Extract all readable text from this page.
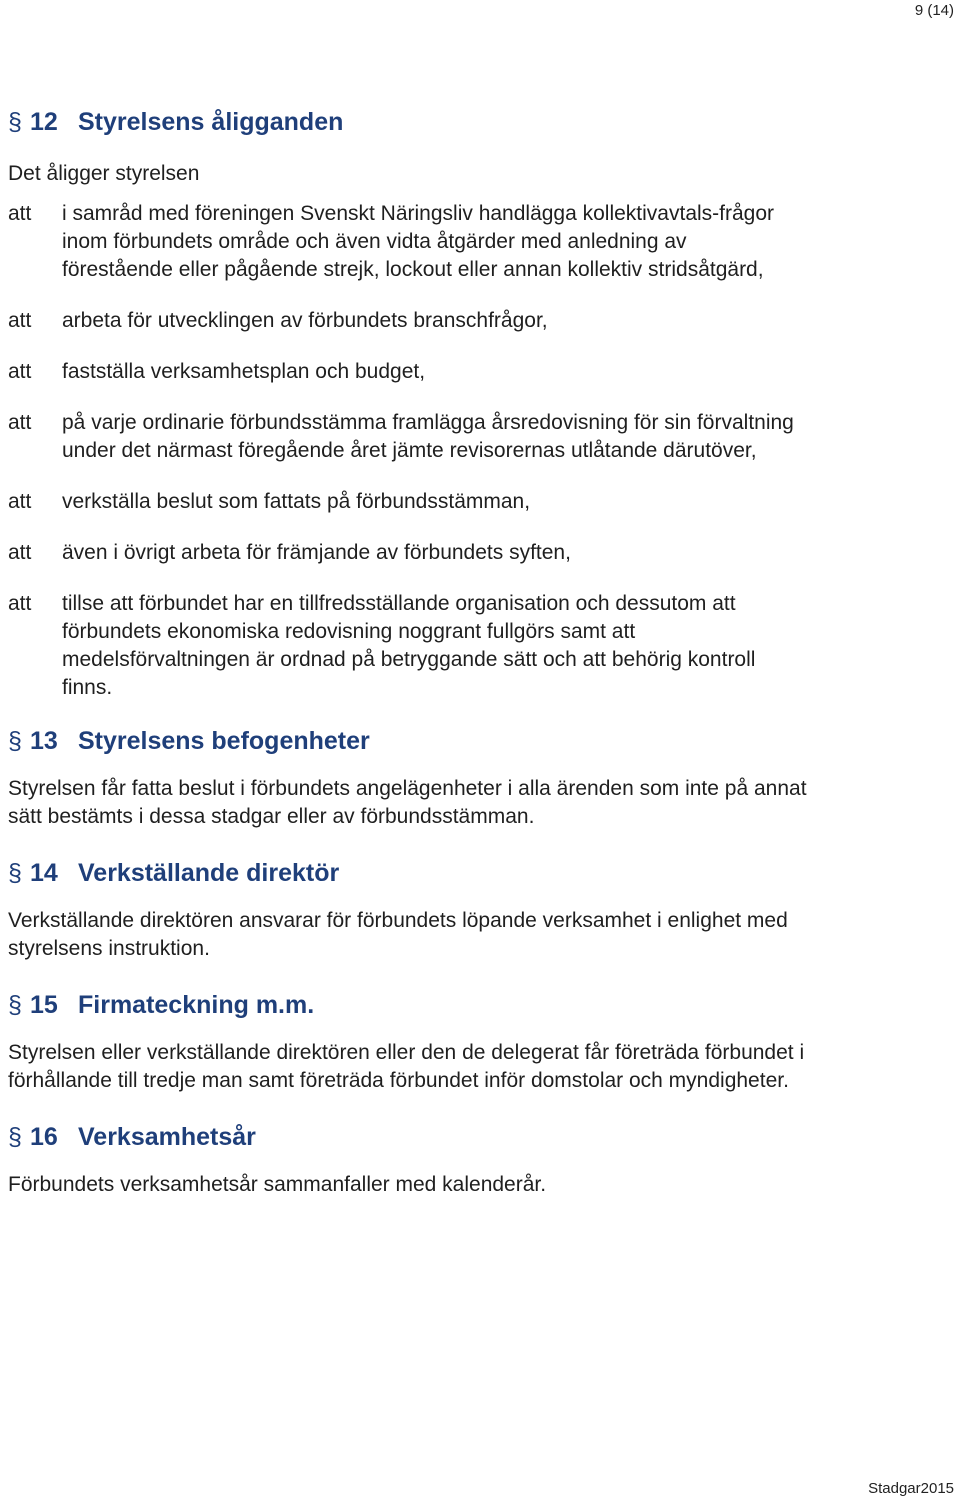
9 (14)
§ 12 Styrelsens åligganden

Det åligger styrelsen

att	i samråd med föreningen Svenskt Näringsliv handlägga kollektivavtals-frågor inom förbundets område och även vidta åtgärder med anledning av förestående eller pågående strejk, lockout eller annan kollektiv stridsåtgärd,
att	arbeta för utvecklingen av förbundets branschfrågor,
att	fastställa verksamhetsplan och budget,
att	på varje ordinarie förbundsstämma framlägga årsredovisning för sin förvaltning under det närmast föregående året jämte revisorernas utlåtande därutöver,
att	verkställa beslut som fattats på förbundsstämman,
att	även i övrigt arbeta för främjande av förbundets syften,
att	tillse att förbundet har en tillfredsställande organisation och dessutom att förbundets ekonomiska redovisning noggrant fullgörs samt att medelsförvaltningen är ordnad på betryggande sätt och att behörig kontroll finns.
§ 13 Styrelsens befogenheter

Styrelsen får fatta beslut i förbundets angelägenheter i alla ärenden som inte på annat sätt bestämts i dessa stadgar eller av förbundsstämman.

§ 14 Verkställande direktör

Verkställande direktören ansvarar för förbundets löpande verksamhet i enlighet med styrelsens instruktion.

§ 15 Firmateckning m.m.

Styrelsen eller verkställande direktören eller den de delegerat får företräda förbundet i förhållande till tredje man samt företräda förbundet inför domstolar och myndigheter.

§ 16 Verksamhetsår

Förbundets verksamhetsår sammanfaller med kalenderår.

Stadgar2015
